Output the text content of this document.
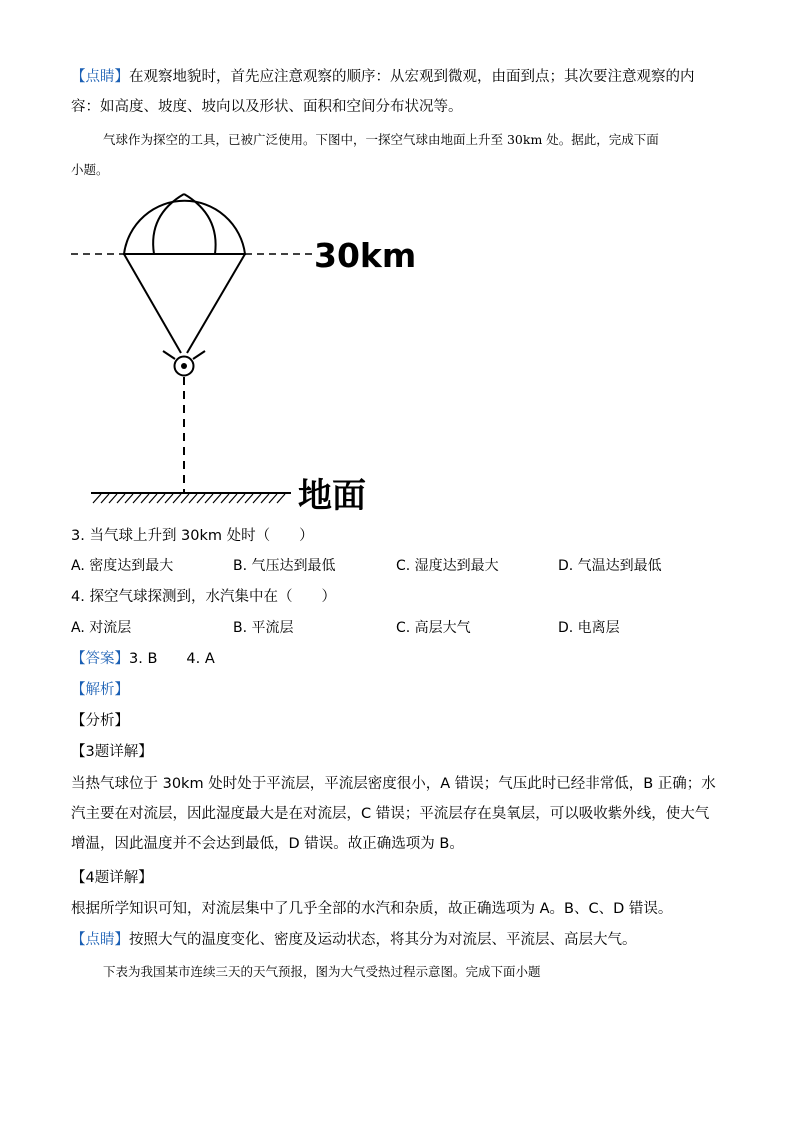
【点睛】在观察地貌时，首先应注意观察的顺序：从宏观到微观，由面到点；其次要注意观察的内容：如高度、坡度、坡向以及形状、面积和空间分布状况等。
气球作为探空的工具，已被广泛使用。下图中，一探空气球由地面上升至 30km 处。据此，完成下面
小题。
30km
地面
3. 当气球上升到 30km 处时（　　）
A. 密度达到最大	B. 气压达到最低	C. 湿度达到最大	D. 气温达到最低
4. 探空气球探测到，水汽集中在（　　）
A. 对流层	B. 平流层	C. 高层大气	D. 电离层
【答案】3. B　　4. A
【解析】
【分析】
【3题详解】
当热气球位于 30km 处时处于平流层，平流层密度很小，A 错误；气压此时已经非常低，B 正确；水汽主要在对流层，因此湿度最大是在对流层，C 错误；平流层存在臭氧层，可以吸收紫外线，使大气增温，因此温度并不会达到最低，D 错误。故正确选项为 B。
【4题详解】
根据所学知识可知，对流层集中了几乎全部的水汽和杂质，故正确选项为 A。B、C、D 错误。
【点睛】按照大气的温度变化、密度及运动状态，将其分为对流层、平流层、高层大气。
下表为我国某市连续三天的天气预报，图为大气受热过程示意图。完成下面小题
